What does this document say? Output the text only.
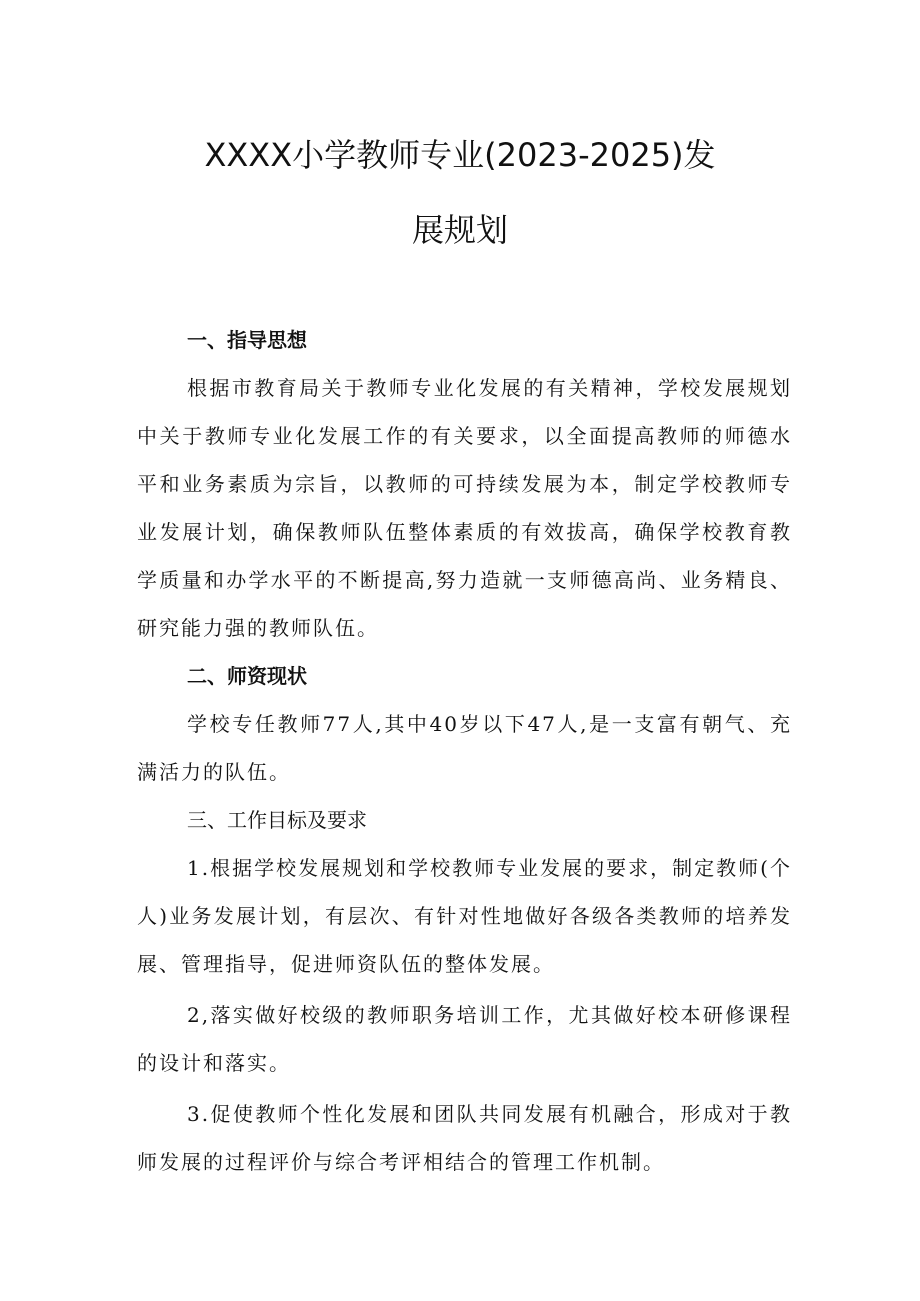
XXXX小学教师专业(2023-2025)发
展规划
一、指导思想

根据市教育局关于教师专业化发展的有关精神，学校发展规划中关于教师专业化发展工作的有关要求，以全面提高教师的师德水平和业务素质为宗旨，以教师的可持续发展为本，制定学校教师专业发展计划，确保教师队伍整体素质的有效拔高，确保学校教育教学质量和办学水平的不断提高,努力造就一支师德高尚、业务精良、研究能力强的教师队伍。

二、师资现状

学校专任教师77人,其中40岁以下47人,是一支富有朝气、充满活力的队伍。

三、工作目标及要求

1.根据学校发展规划和学校教师专业发展的要求，制定教师(个人)业务发展计划，有层次、有针对性地做好各级各类教师的培养发展、管理指导，促进师资队伍的整体发展。

2,落实做好校级的教师职务培训工作，尤其做好校本研修课程的设计和落实。

3.促使教师个性化发展和团队共同发展有机融合，形成对于教师发展的过程评价与综合考评相结合的管理工作机制。
